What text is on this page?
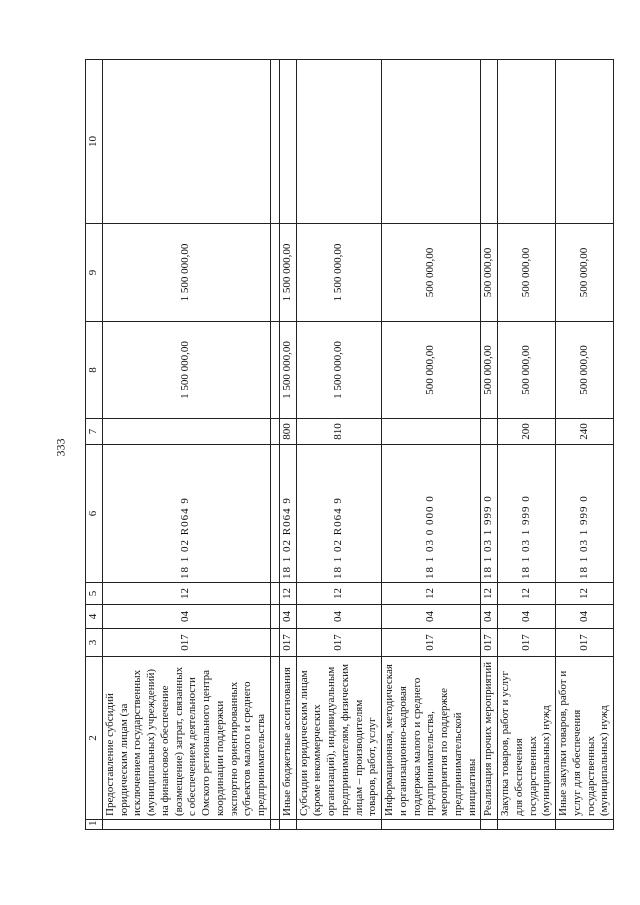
333
1	2	3	4	5	6	7	8	9	10
	Предоставление субсидий юридическим лицам (за исключением государственных (муниципальных) учреждений) на финансовое обеспечение (возмещение) затрат, связанных с обеспечением деятельности Омского регионального центра координации поддержки экспортно ориентированных субъектов малого и среднего предпринимательства	017	04	12	18 1 02 R064 9		1 500 000,00	1 500 000,00	

	Иные бюджетные ассигнования	017	04	12	18 1 02 R064 9	800	1 500 000,00	1 500 000,00	
	Субсидии юридическим лицам (кроме некоммерческих организаций), индивидуальным предпринимателям, физическим лицам – производителям товаров, работ, услуг	017	04	12	18 1 02 R064 9	810	1 500 000,00	1 500 000,00	
	Информационная, методическая и организационно-кадровая поддержка малого и среднего предпринимательства, мероприятия по поддержке предпринимательской инициативы	017	04	12	18 1 03 0 000 0		500 000,00	500 000,00	
	Реализация прочих мероприятий	017	04	12	18 1 03 1 999 0		500 000,00	500 000,00	
	Закупка товаров, работ и услуг для обеспечения государственных (муниципальных) нужд	017	04	12	18 1 03 1 999 0	200	500 000,00	500 000,00	
	Иные закупки товаров, работ и услуг для обеспечения государственных (муниципальных) нужд	017	04	12	18 1 03 1 999 0	240	500 000,00	500 000,00	
